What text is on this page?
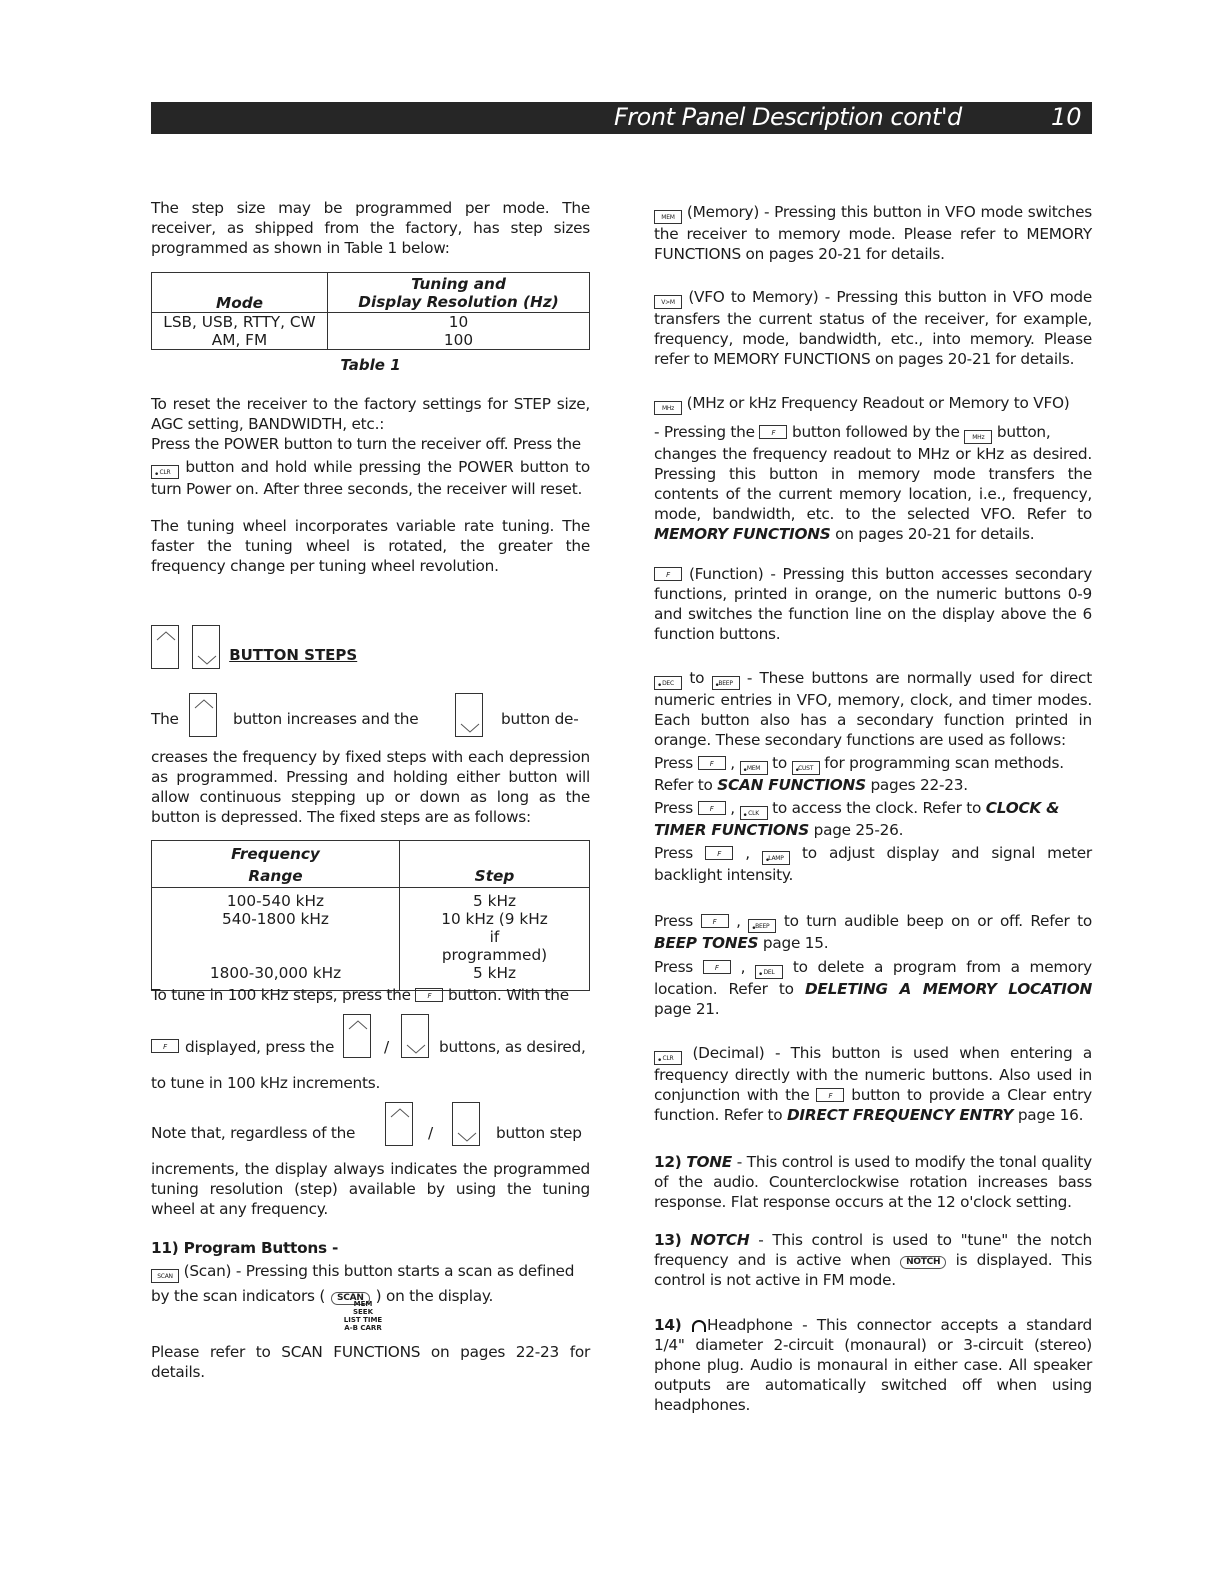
Front Panel Description cont'd	10

The step size may be programmed per mode. The receiver, as shipped from the factory, has step sizes programmed as shown in Table 1 below:

Mode	Tuning and
Display Resolution (Hz)

LSB, USB, RTTY, CW	10
AM, FM	100
Table 1

To reset the receiver to the factory settings for STEP size, AGC setting, BANDWIDTH, etc.:

Press the POWER button to turn the receiver off. Press the

• CLR button and hold while pressing the POWER button to turn Power on. After three seconds, the receiver will reset.

The tuning wheel incorporates variable rate tuning. The faster the tuning wheel is rotated, the greater the frequency change per tuning wheel revolution.

BUTTON STEPS
The	button increases and the	button de-

creases the frequency by fixed steps with each depression as programmed. Pressing and holding either button will allow continuous stepping up or down as long as the button is depressed. The fixed steps are as follows:

Frequency
Range	Step
100-540 kHz	5 kHz
540-1800 kHz	10 kHz (9 kHz if programmed)
1800-30,000 kHz	5 kHz
To tune in 100 kHz steps, press the F button. With the
F
displayed, press the	/	buttons, as desired,
to tune in 100 kHz increments.
Note that, regardless of the	/	button step

increments, the display always indicates the programmed tuning resolution (step) available by using the tuning wheel at any frequency.

11) Program Buttons -

SCAN (Scan) - Pressing this button starts a scan as defined

by the scan indicators ( SCAN ) on the display.

MEM SEEK
LIST TIME
A-B CARR

Please refer to SCAN FUNCTIONS on pages 22-23 for details.

MEM (Memory) - Pressing this button in VFO mode switches the receiver to memory mode. Please refer to MEMORY FUNCTIONS on pages 20-21 for details.

V>M (VFO to Memory) - Pressing this button in VFO mode transfers the current status of the receiver, for example, frequency, mode, bandwidth, etc., into memory. Please refer to MEMORY FUNCTIONS on pages 20-21 for details.

MHz (MHz or kHz Frequency Readout or Memory to VFO)

- Pressing the F button followed by the MHz button,

changes the frequency readout to MHz or kHz as desired. Pressing this button in memory mode transfers the contents of the current memory location, i.e., frequency, mode, bandwidth, etc. to the selected VFO. Refer to MEMORY FUNCTIONS on pages 20-21 for details.

F (Function) - Pressing this button accesses secondary functions, printed in orange, on the numeric buttons 0-9 and switches the function line on the display above the 6 function buttons.

• DEC to • BEEP - These buttons are normally used for direct numeric entries in VFO, memory, clock, and timer modes. Each button also has a secondary function printed in orange. These secondary functions are used as follows:

Press F , • MEM to • CUST for programming scan methods.

Refer to SCAN FUNCTIONS pages 22-23.

Press F , • CLK to access the clock. Refer to CLOCK &

TIMER FUNCTIONS page 25-26.

Press F	,	• LAMP to adjust display and signal meter backlight intensity.

Press F	, • BEEP to turn audible beep on or off. Refer to BEEP TONES page 15.

Press F	,	• DEL to delete a program from a memory location. Refer to DELETING A MEMORY LOCATION page 21.

• CLR (Decimal) - This button is used when entering a frequency directly with the numeric buttons. Also used in conjunction with the F	button to provide a Clear entry function. Refer to DIRECT FREQUENCY ENTRY page 16.

12) TONE - This control is used to modify the tonal quality of the audio. Counterclockwise rotation increases bass response. Flat response occurs at the 12 o'clock setting.

13) NOTCH - This control is used to "tune" the notch frequency and is active when NOTCH is displayed. This control is not active in FM mode.

14) Headphone - This connector accepts a standard 1/4" diameter 2-circuit (monaural) or 3-circuit (stereo) phone plug. Audio is monaural in either case. All speaker outputs are automatically switched off when using headphones.
